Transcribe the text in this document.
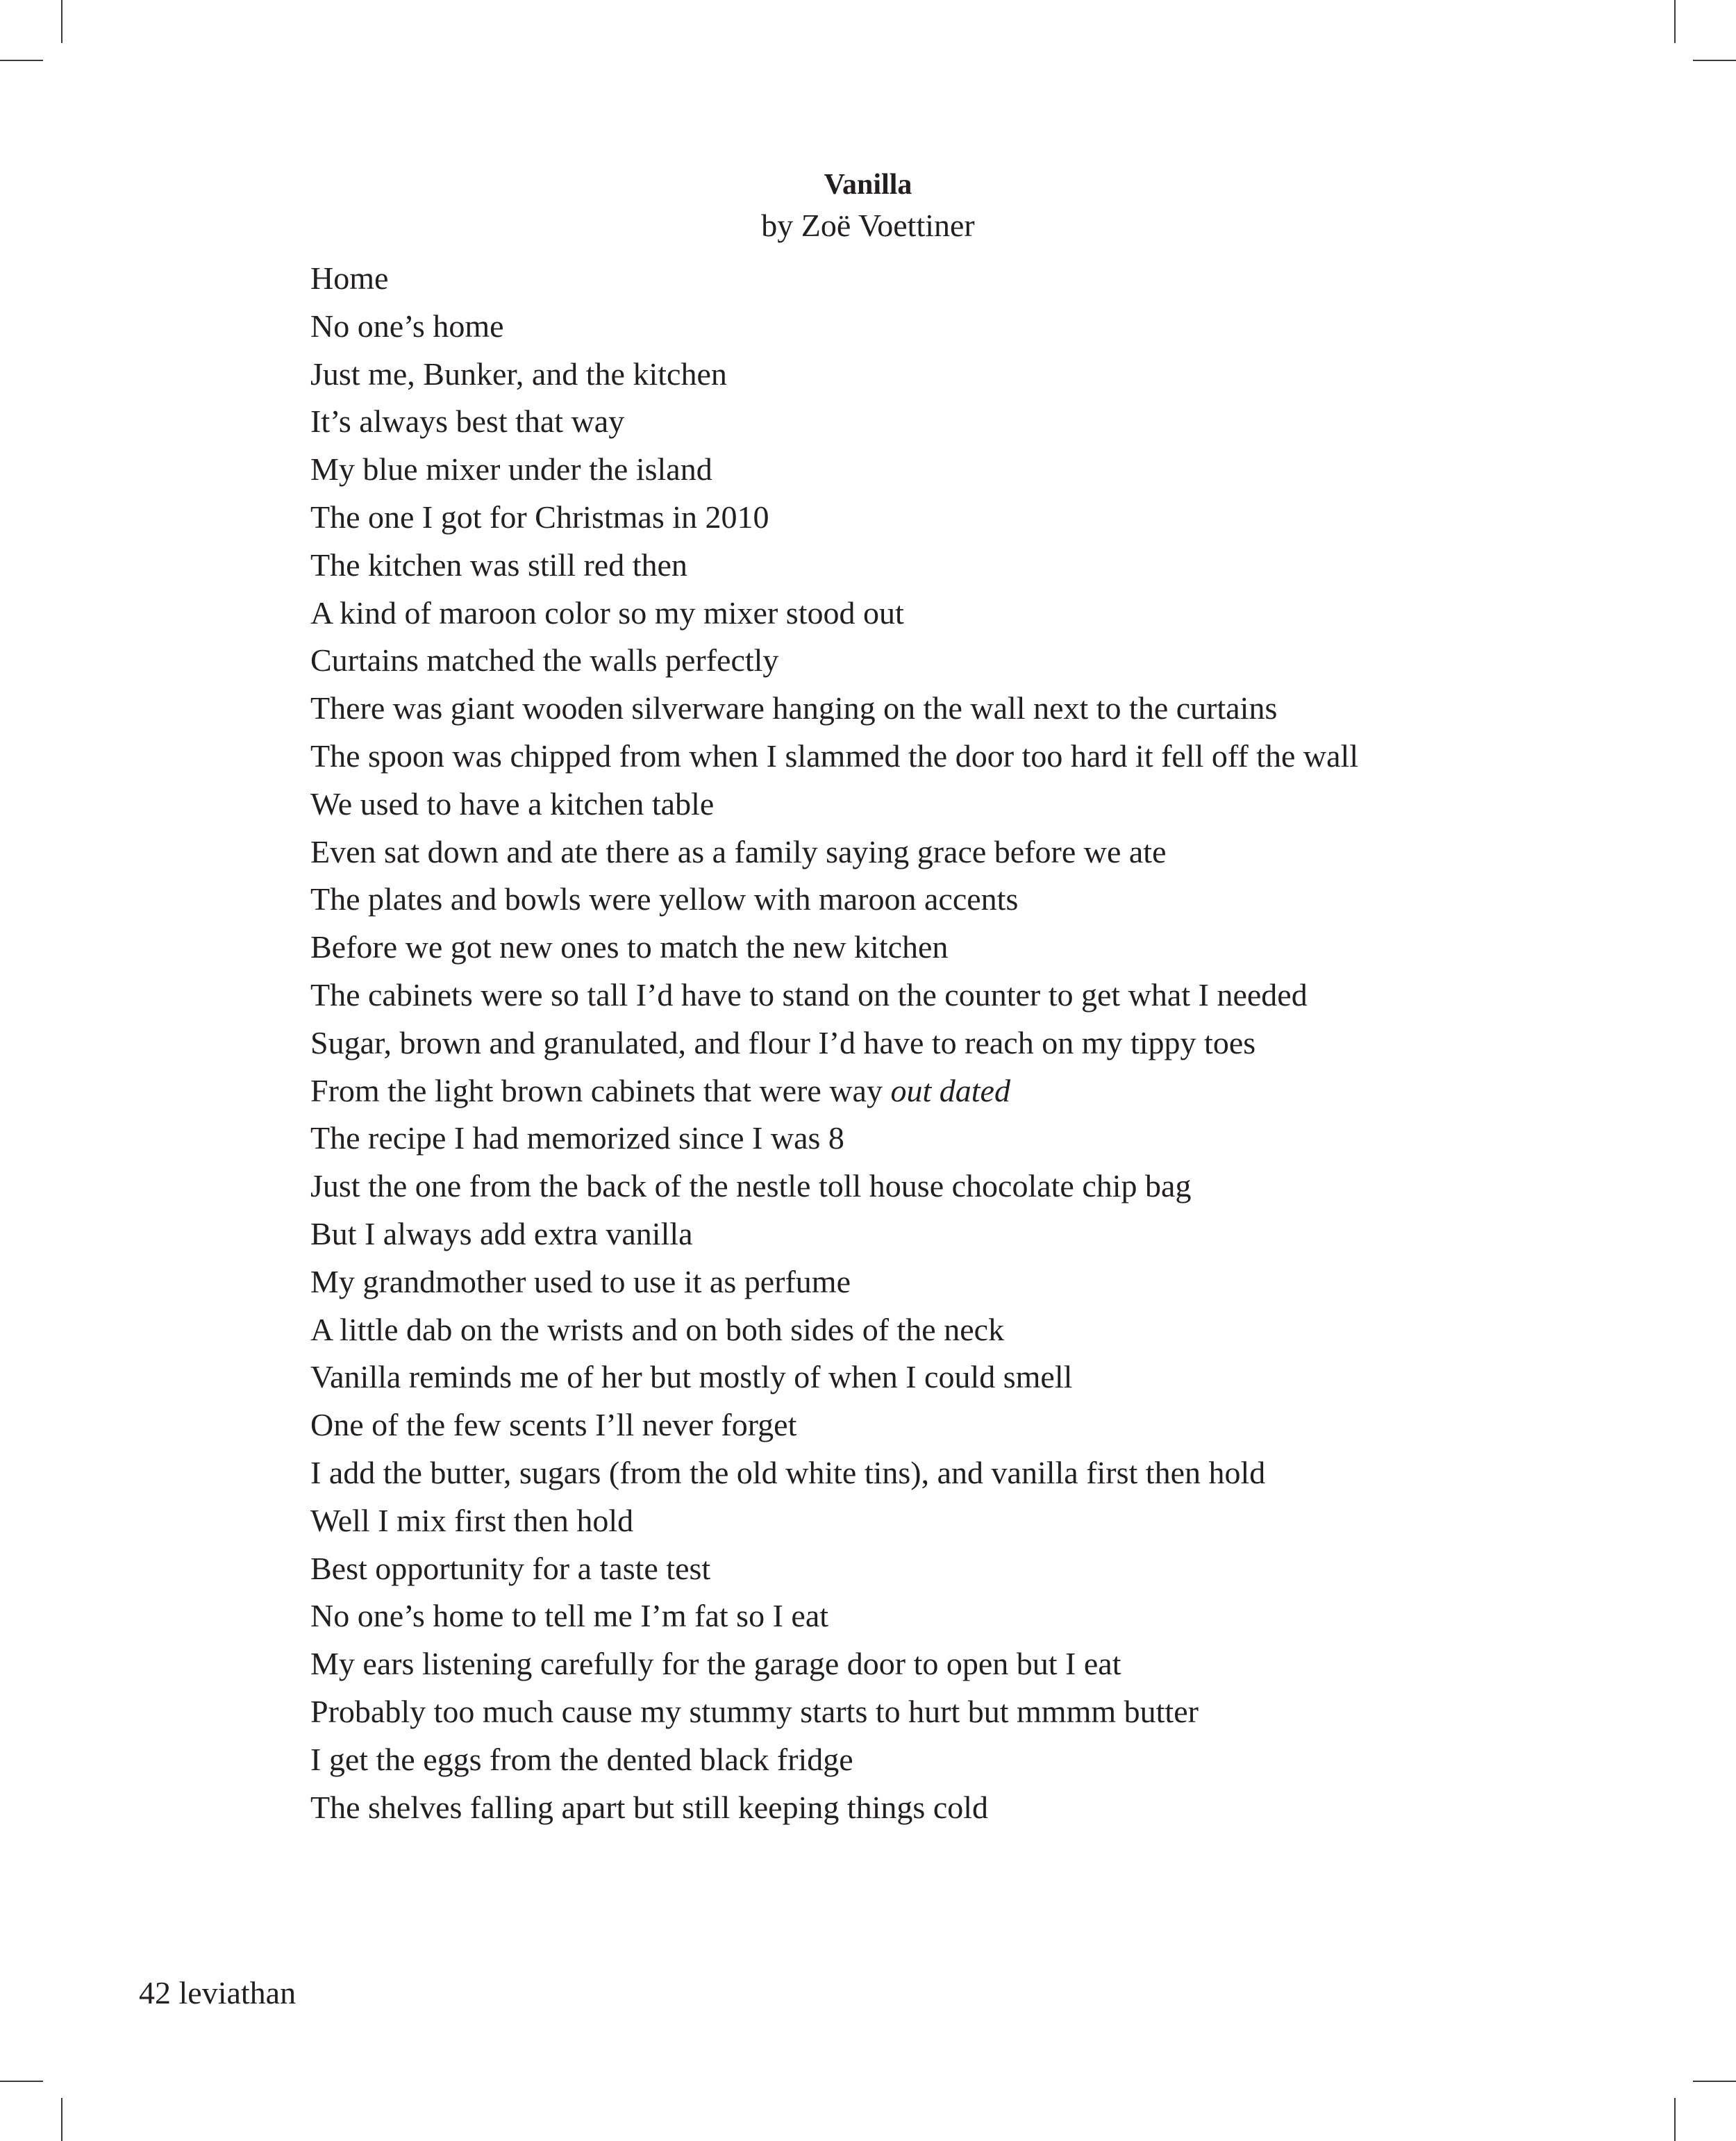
Vanilla
by Zoë Voettiner
Home
No one’s home
Just me, Bunker, and the kitchen
It’s always best that way
My blue mixer under the island
The one I got for Christmas in 2010
The kitchen was still red then
A kind of maroon color so my mixer stood out
Curtains matched the walls perfectly
There was giant wooden silverware hanging on the wall next to the curtains
The spoon was chipped from when I slammed the door too hard it fell off the wall
We used to have a kitchen table
Even sat down and ate there as a family saying grace before we ate
The plates and bowls were yellow with maroon accents
Before we got new ones to match the new kitchen
The cabinets were so tall I’d have to stand on the counter to get what I needed
Sugar, brown and granulated, and flour I’d have to reach on my tippy toes
From the light brown cabinets that were way out dated
The recipe I had memorized since I was 8
Just the one from the back of the nestle toll house chocolate chip bag
But I always add extra vanilla
My grandmother used to use it as perfume
A little dab on the wrists and on both sides of the neck
Vanilla reminds me of her but mostly of when I could smell
One of the few scents I’ll never forget
I add the butter, sugars (from the old white tins), and vanilla first then hold
Well I mix first then hold
Best opportunity for a taste test
No one’s home to tell me I’m fat so I eat
My ears listening carefully for the garage door to open but I eat
Probably too much cause my stummy starts to hurt but mmmm butter
I get the eggs from the dented black fridge
The shelves falling apart but still keeping things cold
42 leviathan
